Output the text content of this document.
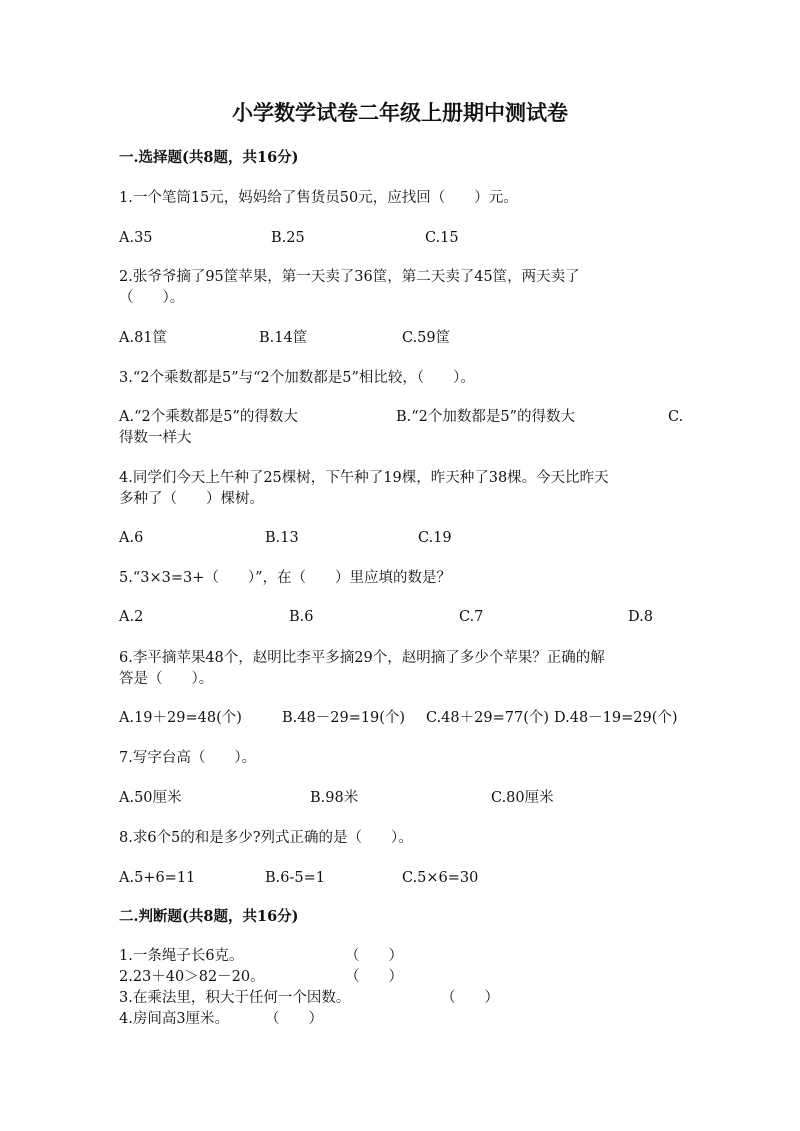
小学数学试卷二年级上册期中测试卷
一.选择题(共8题，共16分)
1.一个笔筒15元，妈妈给了售货员50元，应找回（　　）元。
A.35	B.25	C.15
2.张爷爷摘了95筐苹果，第一天卖了36筐，第二天卖了45筐，两天卖了
（　　）。
A.81筐	B.14筐	C.59筐
3.“2个乘数都是5”与“2个加数都是5”相比较，（　　）。
A.“2个乘数都是5”的得数大	B.“2个加数都是5”的得数大	C.
得数一样大
4.同学们今天上午种了25棵树，下午种了19棵，昨天种了38棵。今天比昨天
多种了（　　）棵树。
A.6	B.13	C.19
5.“3×3=3+（　　）”，在（　　）里应填的数是？
A.2	B.6	C.7	D.8
6.李平摘苹果48个，赵明比李平多摘29个，赵明摘了多少个苹果？正确的解
答是（　　）。
A.19＋29=48(个)	B.48－29=19(个) C.48＋29=77(个) D.48－19=29(个)
7.写字台高（　　）。
A.50厘米	B.98米	C.80厘米
8.求6个5的和是多少?列式正确的是（　　）。
A.5+6=11	B.6-5=1	C.5×6=30
二.判断题(共8题，共16分)
1.一条绳子长6克。	（　　）
2.23＋40＞82－20。	（　　）
3.在乘法里，积大于任何一个因数。	（　　）
4.房间高3厘米。 （　　）
